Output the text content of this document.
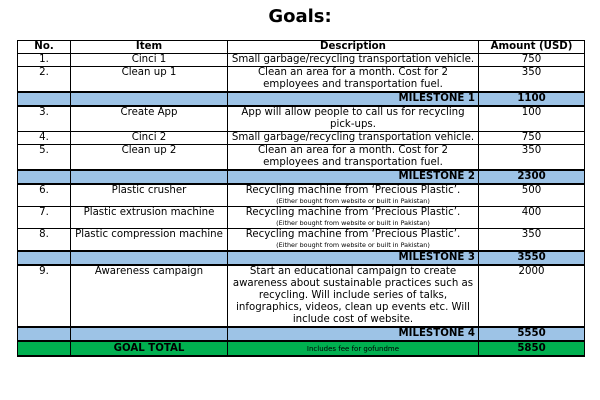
Goals:
No.	Item	Description	Amount (USD)
1.	Cinci 1	Small garbage/recycling transportation vehicle.	750
2.	Clean up 1	Clean an area for a month. Cost for 2 employees and transportation fuel.	350
		MILESTONE 1	1100
3.	Create App	App will allow people to call us for recycling pick-ups.	100
4.	Cinci 2	Small garbage/recycling transportation vehicle.	750
5.	Clean up 2	Clean an area for a month. Cost for 2 employees and transportation fuel.	350
		MILESTONE 2	2300
6.	Plastic crusher	Recycling machine from ‘Precious Plastic’.
(Either bought from website or built in Pakistan)	500
7.	Plastic extrusion machine	Recycling machine from ‘Precious Plastic’.
(Either bought from website or built in Pakistan)	400
8.	Plastic compression machine	Recycling machine from ‘Precious Plastic’.
(Either bought from website or built in Pakistan)	350
		MILESTONE 3	3550
9.	Awareness campaign	Start an educational campaign to create awareness about sustainable practices such as recycling. Will include series of talks, infographics, videos, clean up events etc. Will include cost of website.	2000
		MILESTONE 4	5550
	GOAL TOTAL	Includes fee for gofundme	5850
